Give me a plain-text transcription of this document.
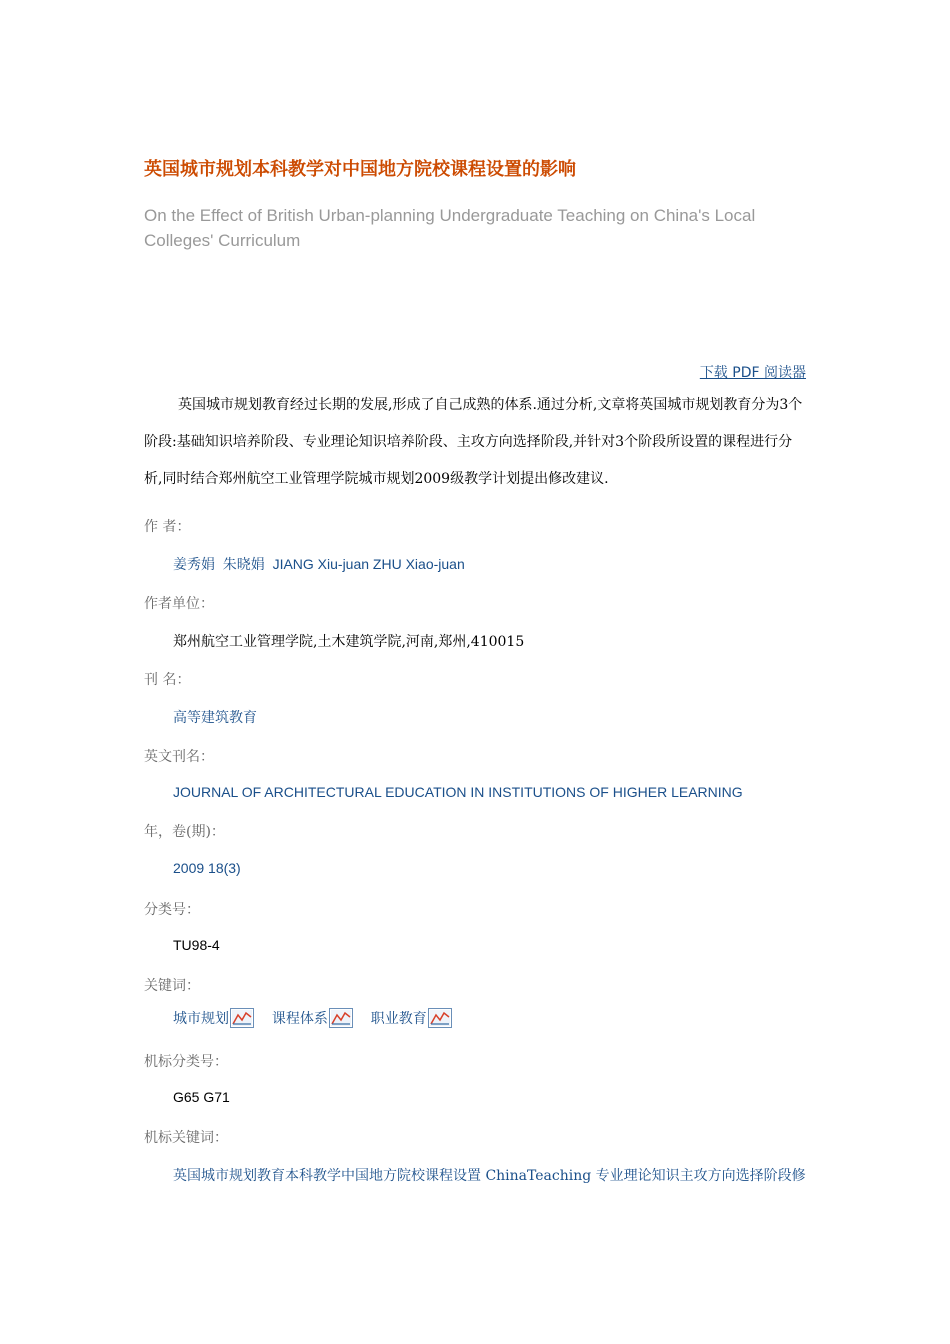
英国城市规划本科教学对中国地方院校课程设置的影响
On the Effect of British Urban-planning Undergraduate Teaching on China's Local Colleges' Curriculum
下载 PDF 阅读器
英国城市规划教育经过长期的发展,形成了自己成熟的体系.通过分析,文章将英国城市规划教育分为3个阶段:基础知识培养阶段、专业理论知识培养阶段、主攻方向选择阶段,并针对3个阶段所设置的课程进行分析,同时结合郑州航空工业管理学院城市规划2009级教学计划提出修改建议.
作 者：
姜秀娟 朱晓娟 JIANG Xiu-juan ZHU Xiao-juan
作者单位：
郑州航空工业管理学院,土木建筑学院,河南,郑州,410015
刊 名：
高等建筑教育
英文刊名：
JOURNAL OF ARCHITECTURAL EDUCATION IN INSTITUTIONS OF HIGHER LEARNING
年，卷(期)：
2009 18(3)
分类号：
TU98-4
关键词：
城市规划
	课程体系
	职业教育
机标分类号：
G65 G71
机标关键词：
英国城市规划教育本科教学中国地方院校课程设置 ChinaTeaching 专业理论知识主攻方向选择阶段修
